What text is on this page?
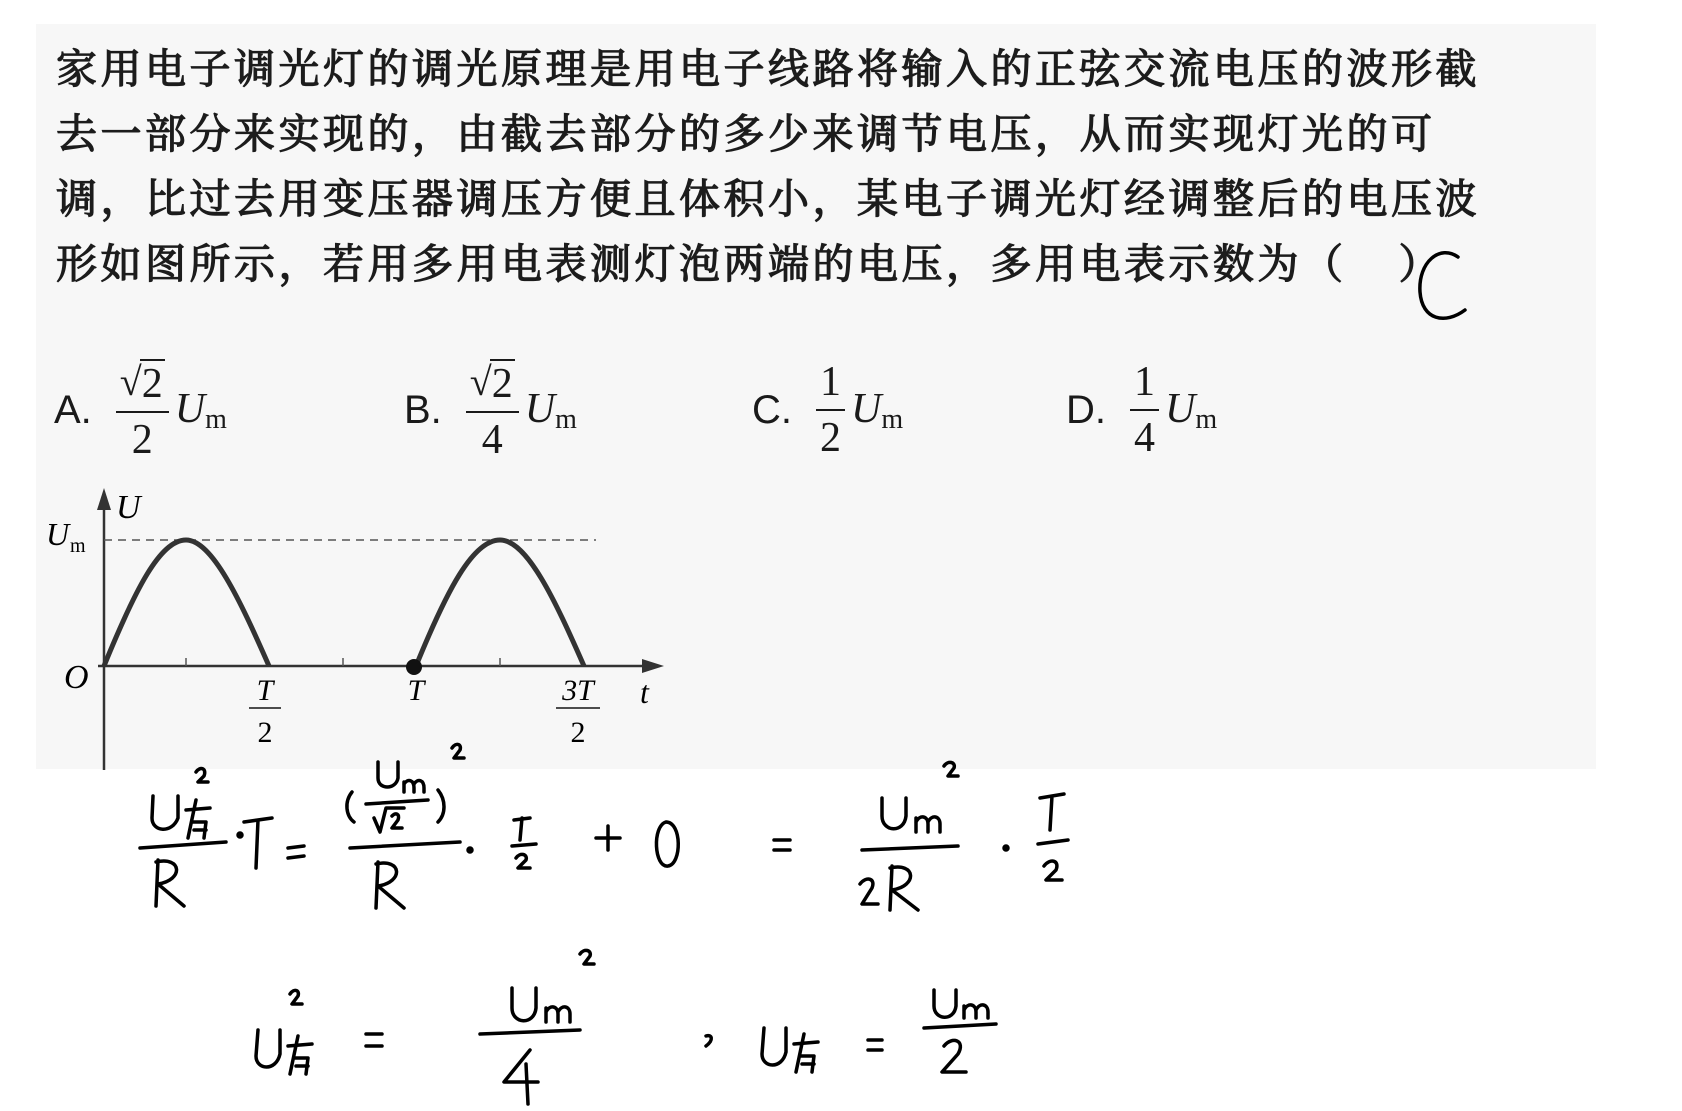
家用电子调光灯的调光原理是用电子线路将输入的正弦交流电压的波形截
去一部分来实现的，由截去部分的多少来调节电压，从而实现灯光的可
调，比过去用变压器调压方便且体积小，某电子调光灯经调整后的电压波
形如图所示，若用多用电表测灯泡两端的电压，多用电表示数为（ ）
A. $\frac{√ 2}{2} U_m$	B. $\frac{√ 2}{4} U_m$	C. $\frac{1}{2} U_m$	D. $\frac{1}{4} U_m$
U
U m
O	t
T
2
T	3T
2
